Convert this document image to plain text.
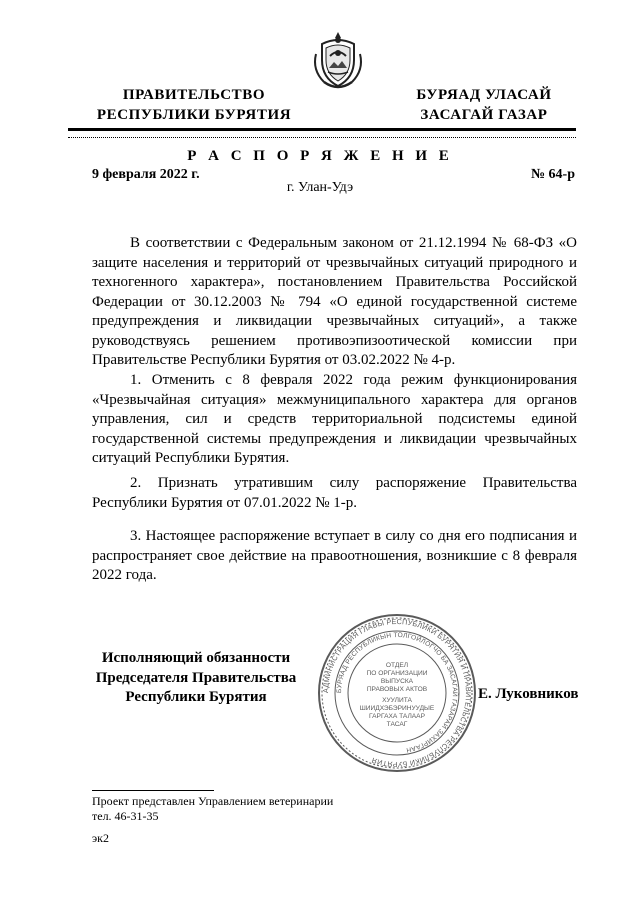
ПРАВИТЕЛЬСТВО
РЕСПУБЛИКИ БУРЯТИЯ
БУРЯАД УЛАСАЙ
ЗАСАГАЙ ГАЗАР
Р А С П О Р Я Ж Е Н И Е
9 февраля 2022 г.	№ 64-р
г. Улан-Удэ

В соответствии с Федеральным законом от 21.12.1994 № 68-ФЗ «О защите населения и территорий от чрезвычайных ситуаций природного и техногенного характера», постановлением Правительства Российской Федерации от 30.12.2003 № 794 «О единой государственной системе предупреждения и ликвидации чрезвычайных ситуаций», а также руководствуясь решением противоэпизоотической комиссии при Правительстве Республики Бурятия от 03.02.2022 № 4-р.

1. Отменить с 8 февраля 2022 года режим функционирования «Чрезвычайная ситуация» межмуниципального характера для органов управления, сил и средств территориальной подсистемы единой государственной системы предупреждения и ликвидации чрезвычайных ситуаций Республики Бурятия.

2. Признать утратившим силу распоряжение Правительства Республики Бурятия от 07.01.2022 № 1-р.

3. Настоящее распоряжение вступает в силу со дня его подписания и распространяет свое действие на правоотношения, возникшие с 8 февраля 2022 года.

Исполняющий обязанности
Председателя Правительства
Республики Бурятия	Е. Луковников
АДМИНИСТРАЦИЯ ГЛАВЫ РЕСПУБЛИКИ БУРЯТИЯ И ПРАВИТЕЛЬСТВА РЕСПУБЛИКИ БУРЯТИЯ
БУРЯАД РЕСПУБЛИКЫН ТОЛГОЙЛОГЧО БА ЗАСАГАЙ ГАЗАРАЙ ЗАХИРГААН
ОТДЕЛ
ПО ОРГАНИЗАЦИИ
ВЫПУСКА
ПРАВОВЫХ АКТОВ
ХУУЛИТА
ШИИДХЭБЭРИНУУДЫЕ
ГАРГАХА ТАЛААР
ТАСАГ
Проект представлен Управлением ветеринарии
тел. 46-31-35
эк2
